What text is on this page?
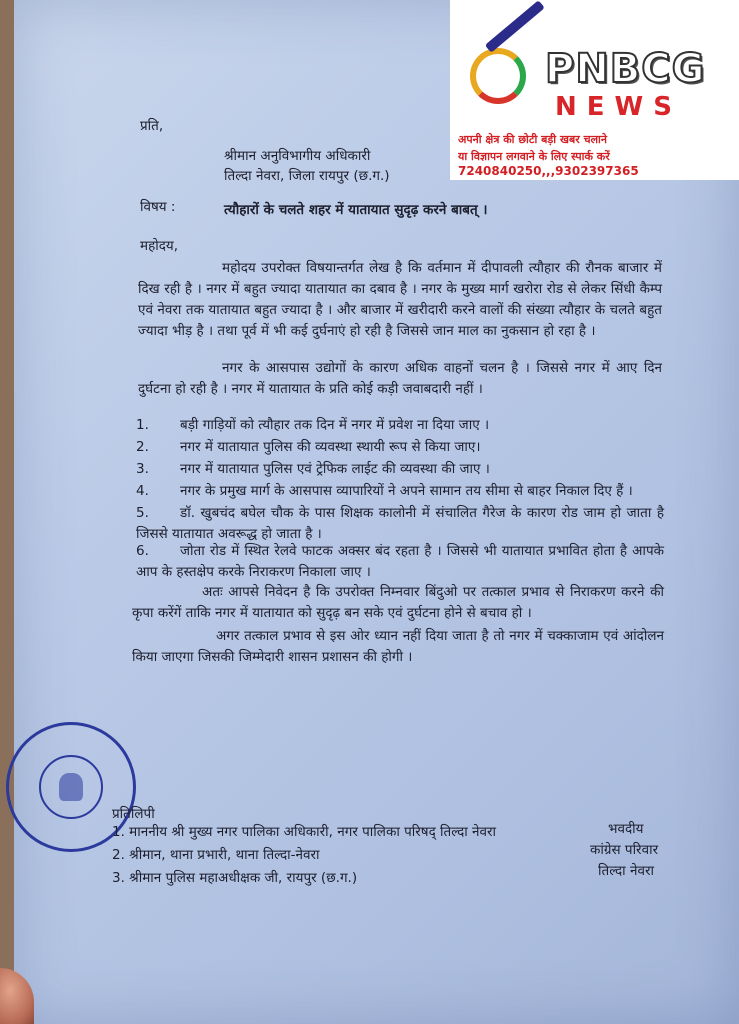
प्रति,
श्रीमान अनुविभागीय अधिकारी
तिल्दा नेवरा, जिला रायपुर (छ.ग.)
विषय :	त्यौहारों के चलते शहर में यातायात सुदृढ़ करने बाबत् ।
महोदय,
महोदय उपरोक्त विषयान्तर्गत लेख है कि वर्तमान में दीपावली त्यौहार की रौनक बाजार में दिख रही है । नगर में बहुत ज्यादा यातायात का दबाव है । नगर के मुख्य मार्ग खरोरा रोड से लेकर सिंधी कैम्प एवं नेवरा तक यातायात बहुत ज्यादा है । और बाजार में खरीदारी करने वालों की संख्या त्यौहार के चलते बहुत ज्यादा भीड़ है । तथा पूर्व में भी कई दुर्घनाएं हो रही है जिससे जान माल का नुकसान हो रहा है ।
नगर के आसपास उद्योगों के कारण अधिक वाहनों चलन है । जिससे नगर में आए दिन दुर्घटना हो रही है । नगर में यातायात के प्रति कोई कड़ी जवाबदारी नहीं ।
1. बड़ी गाड़ियों को त्यौहार तक दिन में नगर में प्रवेश ना दिया जाए ।
2. नगर में यातायात पुलिस की व्यवस्था स्थायी रूप से किया जाए।
3. नगर में यातायात पुलिस एवं ट्रेफिक लाईट की व्यवस्था की जाए ।
4. नगर के प्रमुख मार्ग के आसपास व्यापारियों ने अपने सामान तय सीमा से बाहर निकाल दिए हैं ।
5. डॉ. खुबचंद बघेल चौक के पास शिक्षक कालोनी में संचालित गैरेज के कारण रोड जाम हो जाता है जिससे यातायात अवरूद्ध हो जाता है ।
6. जोता रोड में स्थित रेलवे फाटक अक्सर बंद रहता है । जिससे भी यातायात प्रभावित होता है आपके आप के हस्तक्षेप करके निराकरण निकाला जाए ।
अतः आपसे निवेदन है कि उपरोक्त निम्नवार बिंदुओ पर तत्काल प्रभाव से निराकरण करने की कृपा करेंगें ताकि नगर में यातायात को सुदृढ़ बन सके एवं दुर्घटना होने से बचाव हो ।
अगर तत्काल प्रभाव से इस ओर ध्यान नहीं दिया जाता है तो नगर में चक्काजाम एवं आंदोलन किया जाएगा जिसकी जिम्मेदारी शासन प्रशासन की होगी ।
प्रतिलिपी
1. माननीय श्री मुख्य नगर पालिका अधिकारी, नगर पालिका परिषद् तिल्दा नेवरा
2. श्रीमान, थाना प्रभारी, थाना तिल्दा-नेवरा
3. श्रीमान पुलिस महाअधीक्षक जी, रायपुर (छ.ग.)
भवदीय
कांग्रेस परिवार
तिल्दा नेवरा
PNBCG
NEWS
अपनी क्षेत्र की छोटी बड़ी खबर चलाने
या विज्ञापन लगवाने के लिए स्पार्क करें
7240840250,,,9302397365
